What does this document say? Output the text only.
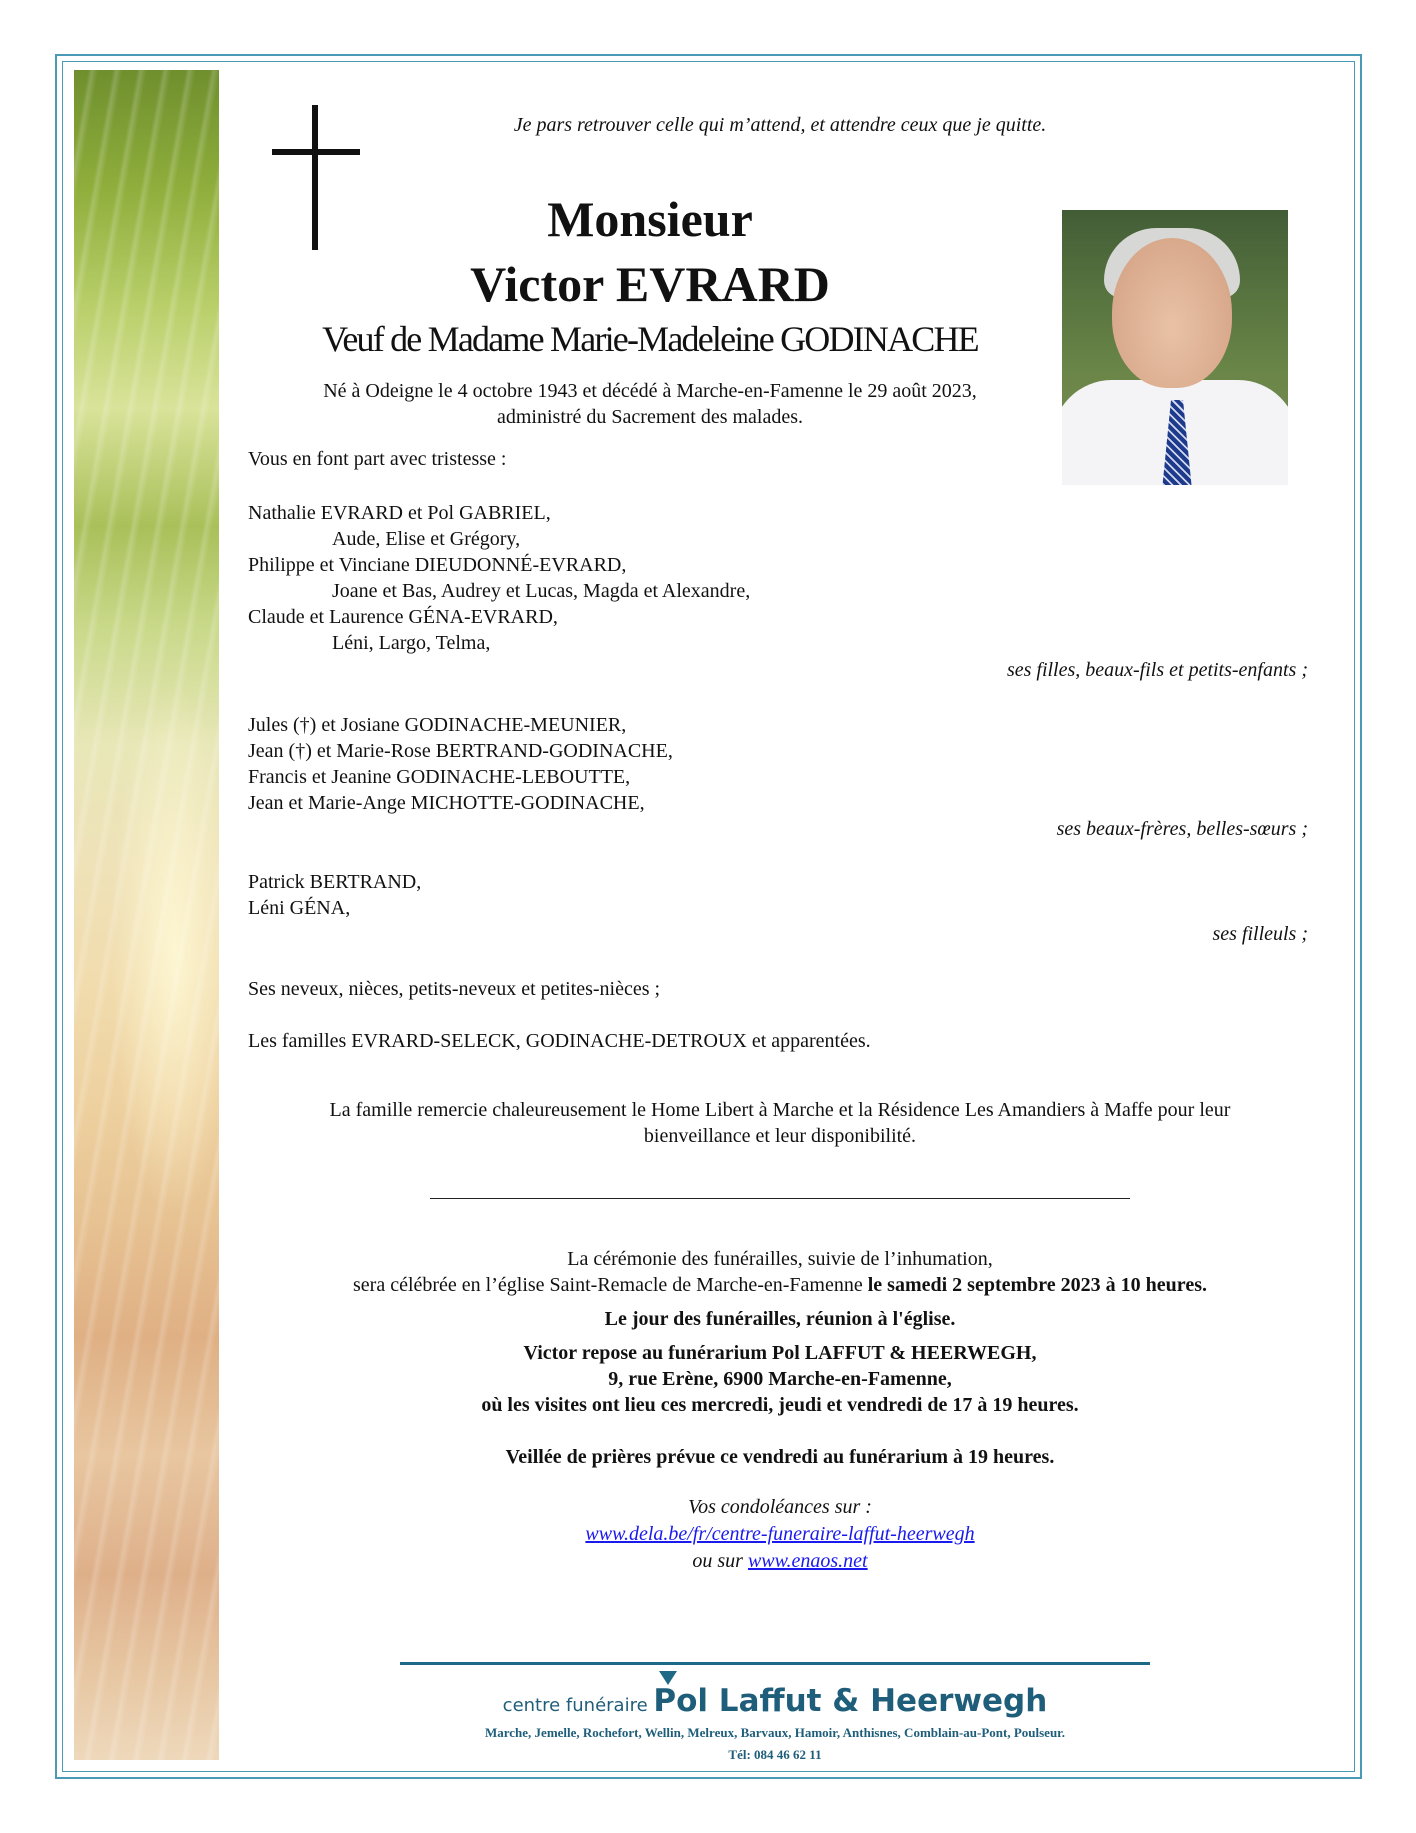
Je pars retrouver celle qui m’attend, et attendre ceux que je quitte.
Monsieur
Victor EVRARD
Veuf de Madame Marie-Madeleine GODINACHE
Né à Odeigne le 4 octobre 1943 et décédé à Marche-en-Famenne le 29 août 2023,
administré du Sacrement des malades.
Vous en font part avec tristesse :
Nathalie EVRARD et Pol GABRIEL,
Aude, Elise et Grégory,
Philippe et Vinciane DIEUDONNÉ-EVRARD,
Joane et Bas, Audrey et Lucas, Magda et Alexandre,
Claude et Laurence GÉNA-EVRARD,
Léni, Largo, Telma,
ses filles, beaux-fils et petits-enfants ;
Jules (†) et Josiane GODINACHE-MEUNIER,
Jean (†) et Marie-Rose BERTRAND-GODINACHE,
Francis et Jeanine GODINACHE-LEBOUTTE,
Jean et Marie-Ange MICHOTTE-GODINACHE,
ses beaux-frères, belles-sœurs ;
Patrick BERTRAND,
Léni GÉNA,
ses filleuls ;
Ses neveux, nièces, petits-neveux et petites-nièces ;
Les familles EVRARD-SELECK, GODINACHE-DETROUX et apparentées.
La famille remercie chaleureusement le Home Libert à Marche et la Résidence Les Amandiers à Maffe pour leur
bienveillance et leur disponibilité.
La cérémonie des funérailles, suivie de l’inhumation,
sera célébrée en l’église Saint-Remacle de Marche-en-Famenne le samedi 2 septembre 2023 à 10 heures.
Le jour des funérailles, réunion à l'église.
Victor repose au funérarium Pol LAFFUT & HEERWEGH,
9, rue Erène, 6900 Marche-en-Famenne,
où les visites ont lieu ces mercredi, jeudi et vendredi de 17 à 19 heures.
Veillée de prières prévue ce vendredi au funérarium à 19 heures.
Vos condoléances sur :
www.dela.be/fr/centre-funeraire-laffut-heerwegh
ou sur www.enaos.net
centre funéraire Pol Laffut & Heerwegh
Marche, Jemelle, Rochefort, Wellin, Melreux, Barvaux, Hamoir, Anthisnes, Comblain-au-Pont, Poulseur.
Tél: 084 46 62 11
